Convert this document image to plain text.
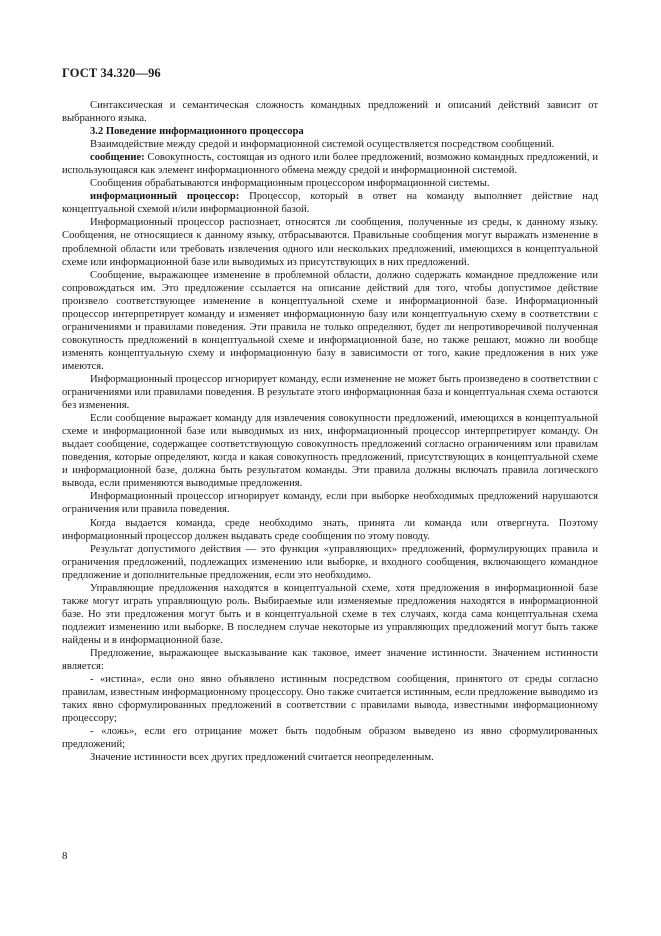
ГОСТ 34.320—96

Синтаксическая и семантическая сложность командных предложений и описаний действий зависит от выбранного языка.

3.2 Поведение информационного процессора

Взаимодействие между средой и информационной системой осуществляется посредством сообщений.

сообщение: Совокупность, состоящая из одного или более предложений, возможно командных предложений, и использующаяся как элемент информационного обмена между средой и информационной системой.

Сообщения обрабатываются информационным процессором информационной системы.

информационный процессор: Процессор, который в ответ на команду выполняет действие над концептуальной схемой и/или информационной базой.

Информационный процессор распознает, относятся ли сообщения, полученные из среды, к данному языку. Сообщения, не относящиеся к данному языку, отбрасываются. Правильные сообщения могут выражать изменение в проблемной области или требовать извлечения одного или нескольких предложений, имеющихся в концептуальной схеме или информационной базе или выводимых из присутствующих в них предложений.

Сообщение, выражающее изменение в проблемной области, должно содержать командное предложение или сопровождаться им. Это предложение ссылается на описание действий для того, чтобы допустимое действие произвело соответствующее изменение в концептуальной схеме и информационной базе. Информационный процессор интерпретирует команду и изменяет информационную базу или концептуальную схему в соответствии с ограничениями и правилами поведения. Эти правила не только определяют, будет ли непротиворечивой полученная совокупность предложений в концептуальной схеме и информационной базе, но также решают, можно ли вообще изменять концептуальную схему и информационную базу в зависимости от того, какие предложения в них уже имеются.

Информационный процессор игнорирует команду, если изменение не может быть произведено в соответствии с ограничениями или правилами поведения. В результате этого информационная база и концептуальная схема остаются без изменения.

Если сообщение выражает команду для извлечения совокупности предложений, имеющихся в концептуальной схеме и информационной базе или выводимых из них, информационный процессор интерпретирует команду. Он выдает сообщение, содержащее соответствующую совокупность предложений согласно ограничениям или правилам поведения, которые определяют, когда и какая совокупность предложений, присутствующих в концептуальной схеме и информационной базе, должна быть результатом команды. Эти правила должны включать правила логического вывода, если применяются выводимые предложения.

Информационный процессор игнорирует команду, если при выборке необходимых предложений нарушаются ограничения или правила поведения.

Когда выдается команда, среде необходимо знать, принята ли команда или отвергнута. Поэтому информационный процессор должен выдавать среде сообщения по этому поводу.

Результат допустимого действия — это функция «управляющих» предложений, формулирующих правила и ограничения предложений, подлежащих изменению или выборке, и входного сообщения, включающего командное предложение и дополнительные предложения, если это необходимо.

Управляющие предложения находятся в концептуальной схеме, хотя предложения в информационной базе также могут играть управляющую роль. Выбираемые или изменяемые предложения находятся в информационной базе. Но эти предложения могут быть и в концептуальной схеме в тех случаях, когда сама концептуальная схема подлежит изменению или выборке. В последнем случае некоторые из управляющих предложений могут быть также найдены и в информационной базе.

Предложение, выражающее высказывание как таковое, имеет значение истинности. Значением истинности является:

- «истина», если оно явно объявлено истинным посредством сообщения, принятого от среды согласно правилам, известным информационному процессору. Оно также считается истинным, если предложение выводимо из таких явно сформулированных предложений в соответствии с правилами вывода, известными информационному процессору;

- «ложь», если его отрицание может быть подобным образом выведено из явно сформулированных предложений;

Значение истинности всех других предложений считается неопределенным.

8
